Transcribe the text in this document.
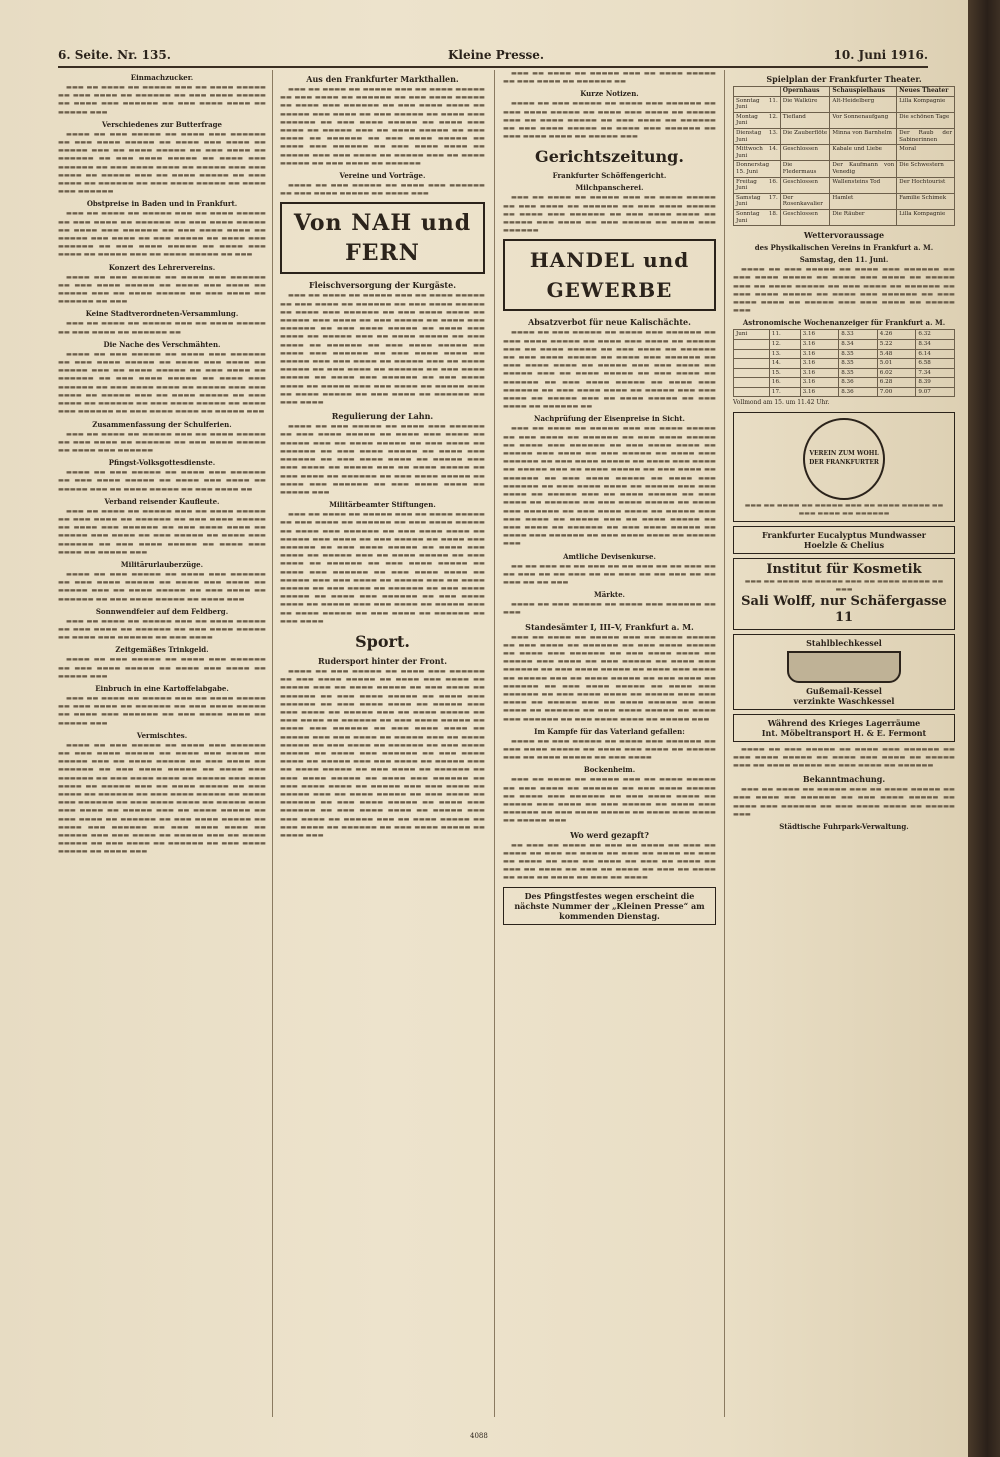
6. Seite. Nr. 135.	Kleine Presse.	10. Juni 1916.
Einmachzucker.

▬▬▬ ▬▬ ▬▬▬▬ ▬▬ ▬▬▬▬▬ ▬▬▬ ▬▬ ▬▬▬▬ ▬▬▬▬▬ ▬▬ ▬▬▬ ▬▬▬▬ ▬▬ ▬▬▬▬▬▬ ▬▬ ▬▬▬ ▬▬▬▬ ▬▬▬▬▬ ▬▬ ▬▬▬▬ ▬▬▬ ▬▬▬▬▬▬ ▬▬ ▬▬▬ ▬▬▬▬ ▬▬▬▬ ▬▬ ▬▬▬▬▬ ▬▬▬

Verschiedenes zur Butterfrage

▬▬▬▬ ▬▬ ▬▬▬ ▬▬▬▬▬ ▬▬ ▬▬▬▬ ▬▬▬ ▬▬▬▬▬▬ ▬▬ ▬▬▬ ▬▬▬▬ ▬▬▬▬▬ ▬▬ ▬▬▬▬ ▬▬▬ ▬▬▬▬ ▬▬ ▬▬▬▬▬ ▬▬▬ ▬▬ ▬▬▬▬ ▬▬▬▬▬ ▬▬ ▬▬▬ ▬▬▬▬ ▬▬ ▬▬▬▬▬▬ ▬▬ ▬▬▬ ▬▬▬▬ ▬▬▬▬▬ ▬▬ ▬▬▬▬ ▬▬▬ ▬▬▬▬▬▬ ▬▬ ▬▬▬ ▬▬▬▬ ▬▬▬▬ ▬▬ ▬▬▬▬▬ ▬▬▬ ▬▬▬ ▬▬▬▬ ▬▬ ▬▬▬▬▬ ▬▬▬ ▬▬ ▬▬▬▬ ▬▬▬▬▬ ▬▬ ▬▬▬ ▬▬▬▬ ▬▬ ▬▬▬▬▬▬ ▬▬ ▬▬▬ ▬▬▬▬ ▬▬▬▬▬ ▬▬ ▬▬▬▬ ▬▬▬ ▬▬▬▬▬▬

Obstpreise in Baden und in Frankfurt.

▬▬▬ ▬▬ ▬▬▬▬ ▬▬ ▬▬▬▬▬ ▬▬▬ ▬▬ ▬▬▬▬ ▬▬▬▬▬ ▬▬ ▬▬▬ ▬▬▬▬ ▬▬ ▬▬▬▬▬▬ ▬▬ ▬▬▬ ▬▬▬▬ ▬▬▬▬▬ ▬▬ ▬▬▬▬ ▬▬▬ ▬▬▬▬▬▬ ▬▬ ▬▬▬ ▬▬▬▬ ▬▬▬▬ ▬▬ ▬▬▬▬▬ ▬▬▬ ▬▬▬▬ ▬▬ ▬▬▬ ▬▬▬▬▬ ▬▬ ▬▬▬▬ ▬▬▬ ▬▬▬▬▬▬ ▬▬ ▬▬▬ ▬▬▬▬ ▬▬▬▬▬ ▬▬ ▬▬▬▬ ▬▬▬ ▬▬▬▬ ▬▬ ▬▬▬▬▬ ▬▬▬ ▬▬ ▬▬▬▬ ▬▬▬▬▬ ▬▬ ▬▬▬

Konzert des Lehrervereins.

▬▬▬▬ ▬▬ ▬▬▬ ▬▬▬▬▬ ▬▬ ▬▬▬▬ ▬▬▬ ▬▬▬▬▬▬ ▬▬ ▬▬▬ ▬▬▬▬ ▬▬▬▬▬ ▬▬ ▬▬▬▬ ▬▬▬ ▬▬▬▬ ▬▬ ▬▬▬▬▬ ▬▬▬ ▬▬ ▬▬▬▬ ▬▬▬▬▬ ▬▬ ▬▬▬ ▬▬▬▬ ▬▬ ▬▬▬▬▬▬ ▬▬ ▬▬▬

Keine Stadtverordneten-Versammlung.

▬▬▬ ▬▬ ▬▬▬▬ ▬▬ ▬▬▬▬▬ ▬▬▬ ▬▬ ▬▬▬▬ ▬▬▬▬▬ ▬▬ ▬▬▬ ▬▬▬▬ ▬▬ ▬▬▬▬▬▬ ▬▬

Die Nache des Verschmähten.

▬▬▬▬ ▬▬ ▬▬▬ ▬▬▬▬▬ ▬▬ ▬▬▬▬ ▬▬▬ ▬▬▬▬▬▬ ▬▬ ▬▬▬ ▬▬▬▬ ▬▬▬▬▬ ▬▬ ▬▬▬▬ ▬▬▬ ▬▬▬▬ ▬▬ ▬▬▬▬▬ ▬▬▬ ▬▬ ▬▬▬▬ ▬▬▬▬▬ ▬▬ ▬▬▬ ▬▬▬▬ ▬▬ ▬▬▬▬▬▬ ▬▬ ▬▬▬ ▬▬▬▬ ▬▬▬▬▬ ▬▬ ▬▬▬▬ ▬▬▬ ▬▬▬▬▬▬ ▬▬ ▬▬▬ ▬▬▬▬ ▬▬▬▬ ▬▬ ▬▬▬▬▬ ▬▬▬ ▬▬▬ ▬▬▬▬ ▬▬ ▬▬▬▬▬ ▬▬▬ ▬▬ ▬▬▬▬ ▬▬▬▬▬ ▬▬ ▬▬▬ ▬▬▬▬ ▬▬ ▬▬▬▬▬▬ ▬▬ ▬▬▬ ▬▬▬▬ ▬▬▬▬▬ ▬▬ ▬▬▬▬ ▬▬▬ ▬▬▬▬▬▬ ▬▬ ▬▬▬ ▬▬▬▬ ▬▬▬▬ ▬▬ ▬▬▬▬▬ ▬▬▬

Zusammenfassung der Schulferien.

▬▬▬ ▬▬ ▬▬▬▬ ▬▬ ▬▬▬▬▬ ▬▬▬ ▬▬ ▬▬▬▬ ▬▬▬▬▬ ▬▬ ▬▬▬ ▬▬▬▬ ▬▬ ▬▬▬▬▬▬ ▬▬ ▬▬▬ ▬▬▬▬ ▬▬▬▬▬ ▬▬ ▬▬▬▬ ▬▬▬ ▬▬▬▬▬▬

Pfingst-Volksgottesdienste.

▬▬▬▬ ▬▬ ▬▬▬ ▬▬▬▬▬ ▬▬ ▬▬▬▬ ▬▬▬ ▬▬▬▬▬▬ ▬▬ ▬▬▬ ▬▬▬▬ ▬▬▬▬▬ ▬▬ ▬▬▬▬ ▬▬▬ ▬▬▬▬ ▬▬ ▬▬▬▬▬ ▬▬▬ ▬▬ ▬▬▬▬ ▬▬▬▬▬ ▬▬ ▬▬▬ ▬▬▬▬ ▬▬

Verband reisender Kaufleute.

▬▬▬ ▬▬ ▬▬▬▬ ▬▬ ▬▬▬▬▬ ▬▬▬ ▬▬ ▬▬▬▬ ▬▬▬▬▬ ▬▬ ▬▬▬ ▬▬▬▬ ▬▬ ▬▬▬▬▬▬ ▬▬ ▬▬▬ ▬▬▬▬ ▬▬▬▬▬ ▬▬ ▬▬▬▬ ▬▬▬ ▬▬▬▬▬▬ ▬▬ ▬▬▬ ▬▬▬▬ ▬▬▬▬ ▬▬ ▬▬▬▬▬ ▬▬▬ ▬▬▬▬ ▬▬ ▬▬▬ ▬▬▬▬▬ ▬▬ ▬▬▬▬ ▬▬▬ ▬▬▬▬▬▬ ▬▬ ▬▬▬ ▬▬▬▬ ▬▬▬▬▬ ▬▬ ▬▬▬▬ ▬▬▬ ▬▬▬▬ ▬▬ ▬▬▬▬▬ ▬▬▬

Militärurlauberzüge.

▬▬▬▬ ▬▬ ▬▬▬ ▬▬▬▬▬ ▬▬ ▬▬▬▬ ▬▬▬ ▬▬▬▬▬▬ ▬▬ ▬▬▬ ▬▬▬▬ ▬▬▬▬▬ ▬▬ ▬▬▬▬ ▬▬▬ ▬▬▬▬ ▬▬ ▬▬▬▬▬ ▬▬▬ ▬▬ ▬▬▬▬ ▬▬▬▬▬ ▬▬ ▬▬▬ ▬▬▬▬ ▬▬ ▬▬▬▬▬▬ ▬▬ ▬▬▬ ▬▬▬▬ ▬▬▬▬▬ ▬▬ ▬▬▬▬ ▬▬▬

Sonnwendfeier auf dem Feldberg.

▬▬▬ ▬▬ ▬▬▬▬ ▬▬ ▬▬▬▬▬ ▬▬▬ ▬▬ ▬▬▬▬ ▬▬▬▬▬ ▬▬ ▬▬▬ ▬▬▬▬ ▬▬ ▬▬▬▬▬▬ ▬▬ ▬▬▬ ▬▬▬▬ ▬▬▬▬▬ ▬▬ ▬▬▬▬ ▬▬▬ ▬▬▬▬▬▬ ▬▬ ▬▬▬ ▬▬▬▬

Zeitgemäßes Trinkgeld.

▬▬▬▬ ▬▬ ▬▬▬ ▬▬▬▬▬ ▬▬ ▬▬▬▬ ▬▬▬ ▬▬▬▬▬▬ ▬▬ ▬▬▬ ▬▬▬▬ ▬▬▬▬▬ ▬▬ ▬▬▬▬ ▬▬▬ ▬▬▬▬ ▬▬ ▬▬▬▬▬ ▬▬▬

Einbruch in eine Kartoffelabgabe.

▬▬▬ ▬▬ ▬▬▬▬ ▬▬ ▬▬▬▬▬ ▬▬▬ ▬▬ ▬▬▬▬ ▬▬▬▬▬ ▬▬ ▬▬▬ ▬▬▬▬ ▬▬ ▬▬▬▬▬▬ ▬▬ ▬▬▬ ▬▬▬▬ ▬▬▬▬▬ ▬▬ ▬▬▬▬ ▬▬▬ ▬▬▬▬▬▬ ▬▬ ▬▬▬ ▬▬▬▬ ▬▬▬▬ ▬▬ ▬▬▬▬▬ ▬▬▬

Vermischtes.

▬▬▬▬ ▬▬ ▬▬▬ ▬▬▬▬▬ ▬▬ ▬▬▬▬ ▬▬▬ ▬▬▬▬▬▬ ▬▬ ▬▬▬ ▬▬▬▬ ▬▬▬▬▬ ▬▬ ▬▬▬▬ ▬▬▬ ▬▬▬▬ ▬▬ ▬▬▬▬▬ ▬▬▬ ▬▬ ▬▬▬▬ ▬▬▬▬▬ ▬▬ ▬▬▬ ▬▬▬▬ ▬▬ ▬▬▬▬▬▬ ▬▬ ▬▬▬ ▬▬▬▬ ▬▬▬▬▬ ▬▬ ▬▬▬▬ ▬▬▬ ▬▬▬▬▬▬ ▬▬ ▬▬▬ ▬▬▬▬ ▬▬▬▬ ▬▬ ▬▬▬▬▬ ▬▬▬ ▬▬▬ ▬▬▬▬ ▬▬ ▬▬▬▬▬ ▬▬▬ ▬▬ ▬▬▬▬ ▬▬▬▬▬ ▬▬ ▬▬▬ ▬▬▬▬ ▬▬ ▬▬▬▬▬▬ ▬▬ ▬▬▬ ▬▬▬▬ ▬▬▬▬▬ ▬▬ ▬▬▬▬ ▬▬▬ ▬▬▬▬▬▬ ▬▬ ▬▬▬ ▬▬▬▬ ▬▬▬▬ ▬▬ ▬▬▬▬▬ ▬▬▬ ▬▬▬ ▬▬▬▬ ▬▬ ▬▬▬▬▬ ▬▬▬ ▬▬ ▬▬▬▬ ▬▬▬▬▬ ▬▬ ▬▬▬ ▬▬▬▬ ▬▬ ▬▬▬▬▬▬ ▬▬ ▬▬▬ ▬▬▬▬ ▬▬▬▬▬ ▬▬ ▬▬▬▬ ▬▬▬ ▬▬▬▬▬▬ ▬▬ ▬▬▬ ▬▬▬▬ ▬▬▬▬ ▬▬ ▬▬▬▬▬ ▬▬▬ ▬▬▬ ▬▬▬▬ ▬▬ ▬▬▬▬▬ ▬▬▬ ▬▬ ▬▬▬▬ ▬▬▬▬▬ ▬▬ ▬▬▬ ▬▬▬▬ ▬▬ ▬▬▬▬▬▬ ▬▬ ▬▬▬ ▬▬▬▬ ▬▬▬▬▬ ▬▬ ▬▬▬▬ ▬▬▬

Aus den Frankfurter Markthallen.

▬▬▬ ▬▬ ▬▬▬▬ ▬▬ ▬▬▬▬▬ ▬▬▬ ▬▬ ▬▬▬▬ ▬▬▬▬▬ ▬▬ ▬▬▬ ▬▬▬▬ ▬▬ ▬▬▬▬▬▬ ▬▬ ▬▬▬ ▬▬▬▬ ▬▬▬▬▬ ▬▬ ▬▬▬▬ ▬▬▬ ▬▬▬▬▬▬ ▬▬ ▬▬▬ ▬▬▬▬ ▬▬▬▬ ▬▬ ▬▬▬▬▬ ▬▬▬ ▬▬▬▬ ▬▬ ▬▬▬ ▬▬▬▬▬ ▬▬ ▬▬▬▬ ▬▬▬ ▬▬▬▬▬▬ ▬▬ ▬▬▬ ▬▬▬▬ ▬▬▬▬▬ ▬▬ ▬▬▬▬ ▬▬▬ ▬▬▬▬ ▬▬ ▬▬▬▬▬ ▬▬▬ ▬▬ ▬▬▬▬ ▬▬▬▬▬ ▬▬ ▬▬▬ ▬▬▬▬ ▬▬ ▬▬▬▬▬▬ ▬▬ ▬▬▬ ▬▬▬▬ ▬▬▬▬▬ ▬▬ ▬▬▬▬ ▬▬▬ ▬▬▬▬▬▬ ▬▬ ▬▬▬ ▬▬▬▬ ▬▬▬▬ ▬▬ ▬▬▬▬▬ ▬▬▬ ▬▬▬ ▬▬▬▬ ▬▬ ▬▬▬▬▬ ▬▬▬ ▬▬ ▬▬▬▬ ▬▬▬▬▬ ▬▬ ▬▬▬ ▬▬▬▬ ▬▬ ▬▬▬▬▬▬

Vereine und Vorträge.

▬▬▬▬ ▬▬ ▬▬▬ ▬▬▬▬▬ ▬▬ ▬▬▬▬ ▬▬▬ ▬▬▬▬▬▬ ▬▬ ▬▬▬ ▬▬▬▬ ▬▬▬▬▬ ▬▬ ▬▬▬▬ ▬▬▬

Von NAH und FERN
Fleischversorgung der Kurgäste.

▬▬▬ ▬▬ ▬▬▬▬ ▬▬ ▬▬▬▬▬ ▬▬▬ ▬▬ ▬▬▬▬ ▬▬▬▬▬ ▬▬ ▬▬▬ ▬▬▬▬ ▬▬ ▬▬▬▬▬▬ ▬▬ ▬▬▬ ▬▬▬▬ ▬▬▬▬▬ ▬▬ ▬▬▬▬ ▬▬▬ ▬▬▬▬▬▬ ▬▬ ▬▬▬ ▬▬▬▬ ▬▬▬▬ ▬▬ ▬▬▬▬▬ ▬▬▬ ▬▬▬▬ ▬▬ ▬▬▬ ▬▬▬▬▬ ▬▬ ▬▬▬▬ ▬▬▬ ▬▬▬▬▬▬ ▬▬ ▬▬▬ ▬▬▬▬ ▬▬▬▬▬ ▬▬ ▬▬▬▬ ▬▬▬ ▬▬▬▬ ▬▬ ▬▬▬▬▬ ▬▬▬ ▬▬ ▬▬▬▬ ▬▬▬▬▬ ▬▬ ▬▬▬ ▬▬▬▬ ▬▬ ▬▬▬▬▬▬ ▬▬ ▬▬▬ ▬▬▬▬ ▬▬▬▬▬ ▬▬ ▬▬▬▬ ▬▬▬ ▬▬▬▬▬▬ ▬▬ ▬▬▬ ▬▬▬▬ ▬▬▬▬ ▬▬ ▬▬▬▬▬ ▬▬▬ ▬▬▬ ▬▬▬▬ ▬▬ ▬▬▬▬▬ ▬▬▬ ▬▬ ▬▬▬▬ ▬▬▬▬▬ ▬▬ ▬▬▬ ▬▬▬▬ ▬▬ ▬▬▬▬▬▬ ▬▬ ▬▬▬ ▬▬▬▬ ▬▬▬▬▬ ▬▬ ▬▬▬▬ ▬▬▬ ▬▬▬▬▬▬ ▬▬ ▬▬▬ ▬▬▬▬ ▬▬▬▬ ▬▬ ▬▬▬▬▬ ▬▬▬ ▬▬▬ ▬▬▬▬ ▬▬ ▬▬▬▬▬ ▬▬▬ ▬▬ ▬▬▬▬ ▬▬▬▬▬ ▬▬ ▬▬▬ ▬▬▬▬ ▬▬ ▬▬▬▬▬▬ ▬▬ ▬▬▬ ▬▬▬▬

Regulierung der Lahn.

▬▬▬▬ ▬▬ ▬▬▬ ▬▬▬▬▬ ▬▬ ▬▬▬▬ ▬▬▬ ▬▬▬▬▬▬ ▬▬ ▬▬▬ ▬▬▬▬ ▬▬▬▬▬ ▬▬ ▬▬▬▬ ▬▬▬ ▬▬▬▬ ▬▬ ▬▬▬▬▬ ▬▬▬ ▬▬ ▬▬▬▬ ▬▬▬▬▬ ▬▬ ▬▬▬ ▬▬▬▬ ▬▬ ▬▬▬▬▬▬ ▬▬ ▬▬▬ ▬▬▬▬ ▬▬▬▬▬ ▬▬ ▬▬▬▬ ▬▬▬ ▬▬▬▬▬▬ ▬▬ ▬▬▬ ▬▬▬▬ ▬▬▬▬ ▬▬ ▬▬▬▬▬ ▬▬▬ ▬▬▬ ▬▬▬▬ ▬▬ ▬▬▬▬▬ ▬▬▬ ▬▬ ▬▬▬▬ ▬▬▬▬▬ ▬▬ ▬▬▬ ▬▬▬▬ ▬▬ ▬▬▬▬▬▬ ▬▬ ▬▬▬ ▬▬▬▬ ▬▬▬▬▬ ▬▬ ▬▬▬▬ ▬▬▬ ▬▬▬▬▬▬ ▬▬ ▬▬▬ ▬▬▬▬ ▬▬▬▬ ▬▬ ▬▬▬▬▬ ▬▬▬

Militärbeamter Stiftungen.

▬▬▬ ▬▬ ▬▬▬▬ ▬▬ ▬▬▬▬▬ ▬▬▬ ▬▬ ▬▬▬▬ ▬▬▬▬▬ ▬▬ ▬▬▬ ▬▬▬▬ ▬▬ ▬▬▬▬▬▬ ▬▬ ▬▬▬ ▬▬▬▬ ▬▬▬▬▬ ▬▬ ▬▬▬▬ ▬▬▬ ▬▬▬▬▬▬ ▬▬ ▬▬▬ ▬▬▬▬ ▬▬▬▬ ▬▬ ▬▬▬▬▬ ▬▬▬ ▬▬▬▬ ▬▬ ▬▬▬ ▬▬▬▬▬ ▬▬ ▬▬▬▬ ▬▬▬ ▬▬▬▬▬▬ ▬▬ ▬▬▬ ▬▬▬▬ ▬▬▬▬▬ ▬▬ ▬▬▬▬ ▬▬▬ ▬▬▬▬ ▬▬ ▬▬▬▬▬ ▬▬▬ ▬▬ ▬▬▬▬ ▬▬▬▬▬ ▬▬ ▬▬▬ ▬▬▬▬ ▬▬ ▬▬▬▬▬▬ ▬▬ ▬▬▬ ▬▬▬▬ ▬▬▬▬▬ ▬▬ ▬▬▬▬ ▬▬▬ ▬▬▬▬▬▬ ▬▬ ▬▬▬ ▬▬▬▬ ▬▬▬▬ ▬▬ ▬▬▬▬▬ ▬▬▬ ▬▬▬ ▬▬▬▬ ▬▬ ▬▬▬▬▬ ▬▬▬ ▬▬ ▬▬▬▬ ▬▬▬▬▬ ▬▬ ▬▬▬ ▬▬▬▬ ▬▬ ▬▬▬▬▬▬ ▬▬ ▬▬▬ ▬▬▬▬ ▬▬▬▬▬ ▬▬ ▬▬▬▬ ▬▬▬ ▬▬▬▬▬▬ ▬▬ ▬▬▬ ▬▬▬▬ ▬▬▬▬ ▬▬ ▬▬▬▬▬ ▬▬▬ ▬▬▬ ▬▬▬▬ ▬▬ ▬▬▬▬▬ ▬▬▬ ▬▬ ▬▬▬▬ ▬▬▬▬▬ ▬▬ ▬▬▬ ▬▬▬▬ ▬▬ ▬▬▬▬▬▬ ▬▬ ▬▬▬ ▬▬▬▬

Sport.
Rudersport hinter der Front.

▬▬▬▬ ▬▬ ▬▬▬ ▬▬▬▬▬ ▬▬ ▬▬▬▬ ▬▬▬ ▬▬▬▬▬▬ ▬▬ ▬▬▬ ▬▬▬▬ ▬▬▬▬▬ ▬▬ ▬▬▬▬ ▬▬▬ ▬▬▬▬ ▬▬ ▬▬▬▬▬ ▬▬▬ ▬▬ ▬▬▬▬ ▬▬▬▬▬ ▬▬ ▬▬▬ ▬▬▬▬ ▬▬ ▬▬▬▬▬▬ ▬▬ ▬▬▬ ▬▬▬▬ ▬▬▬▬▬ ▬▬ ▬▬▬▬ ▬▬▬ ▬▬▬▬▬▬ ▬▬ ▬▬▬ ▬▬▬▬ ▬▬▬▬ ▬▬ ▬▬▬▬▬ ▬▬▬ ▬▬▬ ▬▬▬▬ ▬▬ ▬▬▬▬▬ ▬▬▬ ▬▬ ▬▬▬▬ ▬▬▬▬▬ ▬▬ ▬▬▬ ▬▬▬▬ ▬▬ ▬▬▬▬▬▬ ▬▬ ▬▬▬ ▬▬▬▬ ▬▬▬▬▬ ▬▬ ▬▬▬▬ ▬▬▬ ▬▬▬▬▬▬ ▬▬ ▬▬▬ ▬▬▬▬ ▬▬▬▬ ▬▬ ▬▬▬▬▬ ▬▬▬ ▬▬▬ ▬▬▬▬ ▬▬ ▬▬▬▬▬ ▬▬▬ ▬▬ ▬▬▬▬ ▬▬▬▬▬ ▬▬ ▬▬▬ ▬▬▬▬ ▬▬ ▬▬▬▬▬▬ ▬▬ ▬▬▬ ▬▬▬▬ ▬▬▬▬▬ ▬▬ ▬▬▬▬ ▬▬▬ ▬▬▬▬▬▬ ▬▬ ▬▬▬ ▬▬▬▬ ▬▬▬▬ ▬▬ ▬▬▬▬▬ ▬▬▬ ▬▬▬ ▬▬▬▬ ▬▬ ▬▬▬▬▬ ▬▬▬ ▬▬ ▬▬▬▬ ▬▬▬▬▬ ▬▬ ▬▬▬ ▬▬▬▬ ▬▬ ▬▬▬▬▬▬ ▬▬ ▬▬▬ ▬▬▬▬ ▬▬▬▬▬ ▬▬ ▬▬▬▬ ▬▬▬ ▬▬▬▬▬▬ ▬▬ ▬▬▬ ▬▬▬▬ ▬▬▬▬ ▬▬ ▬▬▬▬▬ ▬▬▬ ▬▬▬ ▬▬▬▬ ▬▬ ▬▬▬▬▬ ▬▬▬ ▬▬ ▬▬▬▬ ▬▬▬▬▬ ▬▬ ▬▬▬ ▬▬▬▬ ▬▬ ▬▬▬▬▬▬ ▬▬ ▬▬▬ ▬▬▬▬ ▬▬▬▬▬ ▬▬ ▬▬▬▬ ▬▬▬ ▬▬▬▬▬▬ ▬▬ ▬▬▬ ▬▬▬▬ ▬▬▬▬ ▬▬ ▬▬▬▬▬ ▬▬▬ ▬▬▬ ▬▬▬▬ ▬▬ ▬▬▬▬▬ ▬▬▬ ▬▬ ▬▬▬▬ ▬▬▬▬▬ ▬▬ ▬▬▬ ▬▬▬▬ ▬▬ ▬▬▬▬▬▬ ▬▬ ▬▬▬ ▬▬▬▬ ▬▬▬▬▬ ▬▬ ▬▬▬▬ ▬▬▬

▬▬▬ ▬▬ ▬▬▬▬ ▬▬ ▬▬▬▬▬ ▬▬▬ ▬▬ ▬▬▬▬ ▬▬▬▬▬ ▬▬ ▬▬▬ ▬▬▬▬ ▬▬ ▬▬▬▬▬▬ ▬▬

Kurze Notizen.

▬▬▬▬ ▬▬ ▬▬▬ ▬▬▬▬▬ ▬▬ ▬▬▬▬ ▬▬▬ ▬▬▬▬▬▬ ▬▬ ▬▬▬ ▬▬▬▬ ▬▬▬▬▬ ▬▬ ▬▬▬▬ ▬▬▬ ▬▬▬▬ ▬▬ ▬▬▬▬▬ ▬▬▬ ▬▬ ▬▬▬▬ ▬▬▬▬▬ ▬▬ ▬▬▬ ▬▬▬▬ ▬▬ ▬▬▬▬▬▬ ▬▬ ▬▬▬ ▬▬▬▬ ▬▬▬▬▬ ▬▬ ▬▬▬▬ ▬▬▬ ▬▬▬▬▬▬ ▬▬ ▬▬▬ ▬▬▬▬ ▬▬▬▬ ▬▬ ▬▬▬▬▬ ▬▬▬

Gerichtszeitung.
Frankfurter Schöffengericht.
Milchpanscherei.

▬▬▬ ▬▬ ▬▬▬▬ ▬▬ ▬▬▬▬▬ ▬▬▬ ▬▬ ▬▬▬▬ ▬▬▬▬▬ ▬▬ ▬▬▬ ▬▬▬▬ ▬▬ ▬▬▬▬▬▬ ▬▬ ▬▬▬ ▬▬▬▬ ▬▬▬▬▬ ▬▬ ▬▬▬▬ ▬▬▬ ▬▬▬▬▬▬ ▬▬ ▬▬▬ ▬▬▬▬ ▬▬▬▬ ▬▬ ▬▬▬▬▬ ▬▬▬ ▬▬▬▬ ▬▬ ▬▬▬ ▬▬▬▬▬ ▬▬ ▬▬▬▬ ▬▬▬ ▬▬▬▬▬▬

HANDEL und GEWERBE
Absatzverbot für neue Kalischächte.

▬▬▬▬ ▬▬ ▬▬▬ ▬▬▬▬▬ ▬▬ ▬▬▬▬ ▬▬▬ ▬▬▬▬▬▬ ▬▬ ▬▬▬ ▬▬▬▬ ▬▬▬▬▬ ▬▬ ▬▬▬▬ ▬▬▬ ▬▬▬▬ ▬▬ ▬▬▬▬▬ ▬▬▬ ▬▬ ▬▬▬▬ ▬▬▬▬▬ ▬▬ ▬▬▬ ▬▬▬▬ ▬▬ ▬▬▬▬▬▬ ▬▬ ▬▬▬ ▬▬▬▬ ▬▬▬▬▬ ▬▬ ▬▬▬▬ ▬▬▬ ▬▬▬▬▬▬ ▬▬ ▬▬▬ ▬▬▬▬ ▬▬▬▬ ▬▬ ▬▬▬▬▬ ▬▬▬ ▬▬▬ ▬▬▬▬ ▬▬ ▬▬▬▬▬ ▬▬▬ ▬▬ ▬▬▬▬ ▬▬▬▬▬ ▬▬ ▬▬▬ ▬▬▬▬ ▬▬ ▬▬▬▬▬▬ ▬▬ ▬▬▬ ▬▬▬▬ ▬▬▬▬▬ ▬▬ ▬▬▬▬ ▬▬▬ ▬▬▬▬▬▬ ▬▬ ▬▬▬ ▬▬▬▬ ▬▬▬▬ ▬▬ ▬▬▬▬▬ ▬▬▬ ▬▬▬ ▬▬▬▬ ▬▬ ▬▬▬▬▬ ▬▬▬ ▬▬ ▬▬▬▬ ▬▬▬▬▬ ▬▬ ▬▬▬ ▬▬▬▬ ▬▬ ▬▬▬▬▬▬ ▬▬

Nachprüfung der Eisenpreise in Sicht.

▬▬▬ ▬▬ ▬▬▬▬ ▬▬ ▬▬▬▬▬ ▬▬▬ ▬▬ ▬▬▬▬ ▬▬▬▬▬ ▬▬ ▬▬▬ ▬▬▬▬ ▬▬ ▬▬▬▬▬▬ ▬▬ ▬▬▬ ▬▬▬▬ ▬▬▬▬▬ ▬▬ ▬▬▬▬ ▬▬▬ ▬▬▬▬▬▬ ▬▬ ▬▬▬ ▬▬▬▬ ▬▬▬▬ ▬▬ ▬▬▬▬▬ ▬▬▬ ▬▬▬▬ ▬▬ ▬▬▬ ▬▬▬▬▬ ▬▬ ▬▬▬▬ ▬▬▬ ▬▬▬▬▬▬ ▬▬ ▬▬▬ ▬▬▬▬ ▬▬▬▬▬ ▬▬ ▬▬▬▬ ▬▬▬ ▬▬▬▬ ▬▬ ▬▬▬▬▬ ▬▬▬ ▬▬ ▬▬▬▬ ▬▬▬▬▬ ▬▬ ▬▬▬ ▬▬▬▬ ▬▬ ▬▬▬▬▬▬ ▬▬ ▬▬▬ ▬▬▬▬ ▬▬▬▬▬ ▬▬ ▬▬▬▬ ▬▬▬ ▬▬▬▬▬▬ ▬▬ ▬▬▬ ▬▬▬▬ ▬▬▬▬ ▬▬ ▬▬▬▬▬ ▬▬▬ ▬▬▬ ▬▬▬▬ ▬▬ ▬▬▬▬▬ ▬▬▬ ▬▬ ▬▬▬▬ ▬▬▬▬▬ ▬▬ ▬▬▬ ▬▬▬▬ ▬▬ ▬▬▬▬▬▬ ▬▬ ▬▬▬ ▬▬▬▬ ▬▬▬▬▬ ▬▬ ▬▬▬▬ ▬▬▬ ▬▬▬▬▬▬ ▬▬ ▬▬▬ ▬▬▬▬ ▬▬▬▬ ▬▬ ▬▬▬▬▬ ▬▬▬ ▬▬▬ ▬▬▬▬ ▬▬ ▬▬▬▬▬ ▬▬▬ ▬▬ ▬▬▬▬ ▬▬▬▬▬ ▬▬ ▬▬▬ ▬▬▬▬ ▬▬ ▬▬▬▬▬▬ ▬▬ ▬▬▬ ▬▬▬▬ ▬▬▬▬▬ ▬▬ ▬▬▬▬ ▬▬▬ ▬▬▬▬▬▬ ▬▬ ▬▬▬ ▬▬▬▬ ▬▬▬▬ ▬▬ ▬▬▬▬▬ ▬▬▬

Amtliche Devisenkurse.

▬▬ ▬▬ ▬▬▬ ▬▬ ▬▬ ▬▬▬ ▬▬ ▬▬ ▬▬▬ ▬▬ ▬▬ ▬▬▬ ▬▬ ▬▬ ▬▬▬ ▬▬ ▬▬ ▬▬▬ ▬▬ ▬▬ ▬▬▬ ▬▬ ▬▬ ▬▬▬ ▬▬ ▬▬ ▬▬▬ ▬▬ ▬▬ ▬▬▬

Märkte.

▬▬▬▬ ▬▬ ▬▬▬ ▬▬▬▬▬ ▬▬ ▬▬▬▬ ▬▬▬ ▬▬▬▬▬▬ ▬▬ ▬▬▬

Standesämter I, III–V, Frankfurt a. M.

▬▬▬ ▬▬ ▬▬▬▬ ▬▬ ▬▬▬▬▬ ▬▬▬ ▬▬ ▬▬▬▬ ▬▬▬▬▬ ▬▬ ▬▬▬ ▬▬▬▬ ▬▬ ▬▬▬▬▬▬ ▬▬ ▬▬▬ ▬▬▬▬ ▬▬▬▬▬ ▬▬ ▬▬▬▬ ▬▬▬ ▬▬▬▬▬▬ ▬▬ ▬▬▬ ▬▬▬▬ ▬▬▬▬ ▬▬ ▬▬▬▬▬ ▬▬▬ ▬▬▬▬ ▬▬ ▬▬▬ ▬▬▬▬▬ ▬▬ ▬▬▬▬ ▬▬▬ ▬▬▬▬▬▬ ▬▬ ▬▬▬ ▬▬▬▬ ▬▬▬▬▬ ▬▬ ▬▬▬▬ ▬▬▬ ▬▬▬▬ ▬▬ ▬▬▬▬▬ ▬▬▬ ▬▬ ▬▬▬▬ ▬▬▬▬▬ ▬▬ ▬▬▬ ▬▬▬▬ ▬▬ ▬▬▬▬▬▬ ▬▬ ▬▬▬ ▬▬▬▬ ▬▬▬▬▬ ▬▬ ▬▬▬▬ ▬▬▬ ▬▬▬▬▬▬ ▬▬ ▬▬▬ ▬▬▬▬ ▬▬▬▬ ▬▬ ▬▬▬▬▬ ▬▬▬ ▬▬▬ ▬▬▬▬ ▬▬ ▬▬▬▬▬ ▬▬▬ ▬▬ ▬▬▬▬ ▬▬▬▬▬ ▬▬ ▬▬▬ ▬▬▬▬ ▬▬ ▬▬▬▬▬▬ ▬▬ ▬▬▬ ▬▬▬▬ ▬▬▬▬▬ ▬▬ ▬▬▬▬ ▬▬▬ ▬▬▬▬▬▬ ▬▬ ▬▬▬ ▬▬▬▬ ▬▬▬▬ ▬▬ ▬▬▬▬▬ ▬▬▬

Im Kampfe für das Vaterland gefallen:

▬▬▬▬ ▬▬ ▬▬▬ ▬▬▬▬▬ ▬▬ ▬▬▬▬ ▬▬▬ ▬▬▬▬▬▬ ▬▬ ▬▬▬ ▬▬▬▬ ▬▬▬▬▬ ▬▬ ▬▬▬▬ ▬▬▬ ▬▬▬▬ ▬▬ ▬▬▬▬▬ ▬▬▬ ▬▬ ▬▬▬▬ ▬▬▬▬▬ ▬▬ ▬▬▬ ▬▬▬▬

Bockenheim.

▬▬▬ ▬▬ ▬▬▬▬ ▬▬ ▬▬▬▬▬ ▬▬▬ ▬▬ ▬▬▬▬ ▬▬▬▬▬ ▬▬ ▬▬▬ ▬▬▬▬ ▬▬ ▬▬▬▬▬▬ ▬▬ ▬▬▬ ▬▬▬▬ ▬▬▬▬▬ ▬▬ ▬▬▬▬ ▬▬▬ ▬▬▬▬▬▬ ▬▬ ▬▬▬ ▬▬▬▬ ▬▬▬▬ ▬▬ ▬▬▬▬▬ ▬▬▬ ▬▬▬▬ ▬▬ ▬▬▬ ▬▬▬▬▬ ▬▬ ▬▬▬▬ ▬▬▬ ▬▬▬▬▬▬ ▬▬ ▬▬▬ ▬▬▬▬ ▬▬▬▬▬ ▬▬ ▬▬▬▬ ▬▬▬ ▬▬▬▬ ▬▬ ▬▬▬▬▬ ▬▬▬

Wo werd gezapft?

▬▬ ▬▬▬ ▬▬ ▬▬▬▬ ▬▬ ▬▬▬ ▬▬ ▬▬▬▬ ▬▬ ▬▬▬ ▬▬ ▬▬▬▬ ▬▬ ▬▬▬ ▬▬ ▬▬▬▬ ▬▬ ▬▬▬ ▬▬ ▬▬▬▬ ▬▬ ▬▬▬ ▬▬ ▬▬▬▬ ▬▬ ▬▬▬ ▬▬ ▬▬▬▬ ▬▬ ▬▬▬ ▬▬ ▬▬▬▬ ▬▬ ▬▬▬ ▬▬ ▬▬▬▬ ▬▬ ▬▬▬ ▬▬ ▬▬▬▬ ▬▬ ▬▬▬ ▬▬ ▬▬▬▬ ▬▬ ▬▬▬ ▬▬ ▬▬▬▬ ▬▬ ▬▬▬ ▬▬ ▬▬▬▬

Des Pfingstfestes wegen erscheint die nächste Nummer der „Kleinen Presse“ am kommenden Dienstag.
Spielplan der Frankfurter Theater.
	Opernhaus	Schauspielhaus	Neues Theater
Sonntag 11. Juni	Die Walküre	Alt-Heidelberg	Lilla Kompagnie
Montag 12. Juni	Tiefland	Vor Sonnenaufgang	Die schönen Tage
Dienstag 13. Juni	Die Zauberflöte	Minna von Barnhelm	Der Raub der Sabinerinnen
Mittwoch 14. Juni	Geschlossen	Kabale und Liebe	Moral
Donnerstag 15. Juni	Die Fledermaus	Der Kaufmann von Venedig	Die Schwestern
Freitag 16. Juni	Geschlossen	Wallensteins Tod	Der Hochtourist
Samstag 17. Juni	Der Rosenkavalier	Hamlet	Familie Schimek
Sonntag 18. Juni	Geschlossen	Die Räuber	Lilla Kompagnie
Wettervoraussage
des Physikalischen Vereins in Frankfurt a. M.
Samstag, den 11. Juni.

▬▬▬▬ ▬▬ ▬▬▬ ▬▬▬▬▬ ▬▬ ▬▬▬▬ ▬▬▬ ▬▬▬▬▬▬ ▬▬ ▬▬▬ ▬▬▬▬ ▬▬▬▬▬ ▬▬ ▬▬▬▬ ▬▬▬ ▬▬▬▬ ▬▬ ▬▬▬▬▬ ▬▬▬ ▬▬ ▬▬▬▬ ▬▬▬▬▬ ▬▬ ▬▬▬ ▬▬▬▬ ▬▬ ▬▬▬▬▬▬ ▬▬ ▬▬▬ ▬▬▬▬ ▬▬▬▬▬ ▬▬ ▬▬▬▬ ▬▬▬ ▬▬▬▬▬▬ ▬▬ ▬▬▬ ▬▬▬▬ ▬▬▬▬ ▬▬ ▬▬▬▬▬ ▬▬▬ ▬▬▬ ▬▬▬▬ ▬▬ ▬▬▬▬▬ ▬▬▬

Astronomische Wochenanzeiger für Frankfurt a. M.
Juni	11.	3.16	8.33	4.26	6.32
	12.	3.16	8.34	5.22	8.34
	13.	3.16	8.35	5.48	6.14
	14.	3.16	8.35	5.01	6.58
	15.	3.16	8.35	6.02	7.34
	16.	3.16	8.36	6.28	8.39
	17.	3.16	8.36	7.00	9.07
Vollmond am 15. um 11.42 Uhr.
VEREIN ZUM WOHL DER FRANKFURTER
▬▬▬ ▬▬ ▬▬▬▬ ▬▬ ▬▬▬▬▬ ▬▬▬ ▬▬ ▬▬▬▬ ▬▬▬▬▬ ▬▬ ▬▬▬ ▬▬▬▬ ▬▬ ▬▬▬▬▬▬
Frankfurter Eucalyptus Mundwasser
Hoelzle & Chelius
Institut für Kosmetik
▬▬▬ ▬▬ ▬▬▬▬ ▬▬ ▬▬▬▬▬ ▬▬▬ ▬▬ ▬▬▬▬ ▬▬▬▬▬ ▬▬ ▬▬▬
Sali Wolff, nur Schäfergasse 11
Stahlblechkessel
Gußemail-Kessel
verzinkte Waschkessel
Während des Krieges Lagerräume
Int. Möbeltransport H. & E. Fermont

▬▬▬▬ ▬▬ ▬▬▬ ▬▬▬▬▬ ▬▬ ▬▬▬▬ ▬▬▬ ▬▬▬▬▬▬ ▬▬ ▬▬▬ ▬▬▬▬ ▬▬▬▬▬ ▬▬ ▬▬▬▬ ▬▬▬ ▬▬▬▬ ▬▬ ▬▬▬▬▬ ▬▬▬ ▬▬ ▬▬▬▬ ▬▬▬▬▬ ▬▬ ▬▬▬ ▬▬▬▬ ▬▬ ▬▬▬▬▬▬

Bekanntmachung.

▬▬▬ ▬▬ ▬▬▬▬ ▬▬ ▬▬▬▬▬ ▬▬▬ ▬▬ ▬▬▬▬ ▬▬▬▬▬ ▬▬ ▬▬▬ ▬▬▬▬ ▬▬ ▬▬▬▬▬▬ ▬▬ ▬▬▬ ▬▬▬▬ ▬▬▬▬▬ ▬▬ ▬▬▬▬ ▬▬▬ ▬▬▬▬▬▬ ▬▬ ▬▬▬ ▬▬▬▬ ▬▬▬▬ ▬▬ ▬▬▬▬▬ ▬▬▬

Städtische Fuhrpark-Verwaltung.
4088
